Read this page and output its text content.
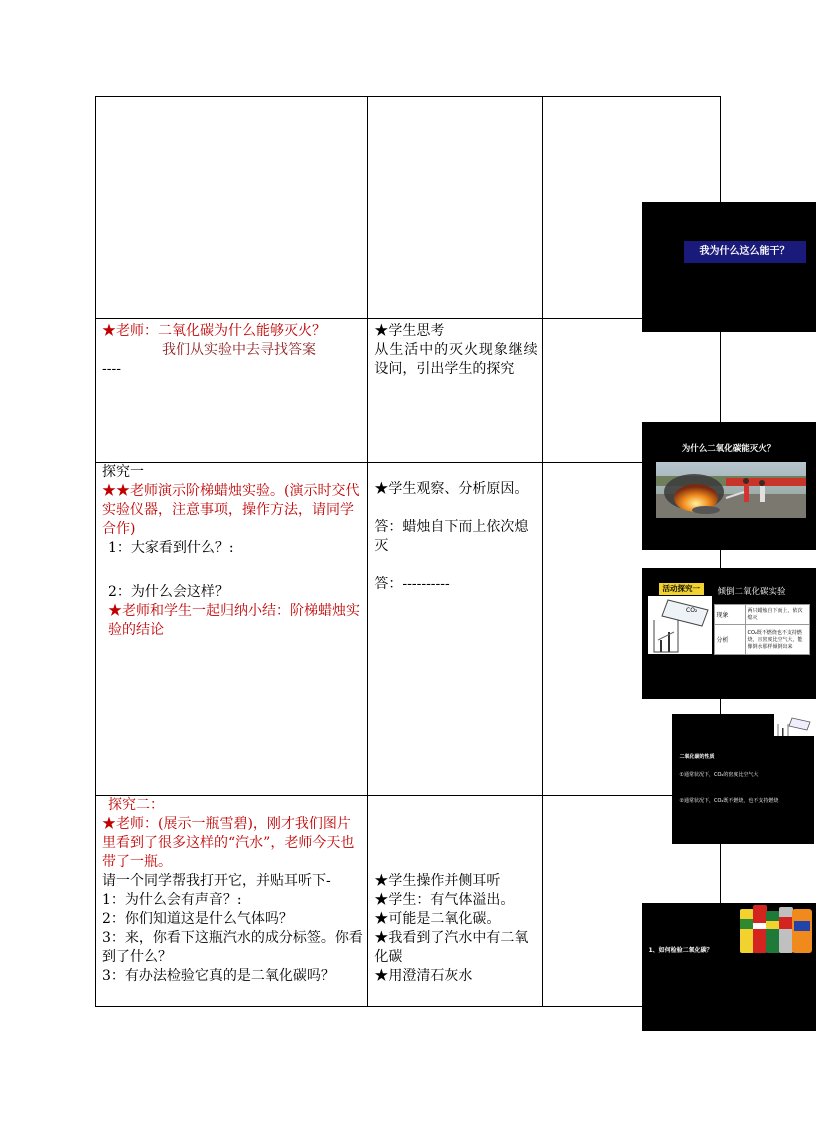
我为什么这么能干？

★老师：二氧化碳为什么能够灭火？
我们从实验中去寻找答案
----

★学生思考
从生活中的灭火现象继续设问，引出学生的探究

为什么二氧化碳能灭火？

探究一
★★老师演示阶梯蜡烛实验。(演示时交代实验仪器，注意事项，操作方法，请同学合作)
1：大家看到什么？:
2：为什么会这样？
★老师和学生一起归纳小结：阶梯蜡烛实验的结论

★学生观察、分析原因。
答：蜡烛自下而上依次熄灭
答：----------	活动探究一	倾倒二氧化碳实验
CO₂
现象	两只蜡烛自下而上，依次熄灭
分析	CO₂既不燃烧也不支持燃烧，且密度比空气大，能像倒水那样倾倒出来
二氧化碳的性质
①通常状况下，CO₂的密度比空气大
②通常状况下，CO₂既不燃烧，也不支持燃烧

探究二：
★老师：(展示一瓶雪碧)，刚才我们图片里看到了很多这样的“汽水”，老师今天也带了一瓶。
请一个同学帮我打开它，并贴耳听下-
1：为什么会有声音？:
2：你们知道这是什么气体吗？
3：来，你看下这瓶汽水的成分标签。你看到了什么？
3：有办法检验它真的是二氧化碳吗？

★学生操作并侧耳听
★学生：有气体溢出。
★可能是二氧化碳。
★我看到了汽水中有二氧化碳
★用澄清石灰水

1、如何检验二氧化碳？
